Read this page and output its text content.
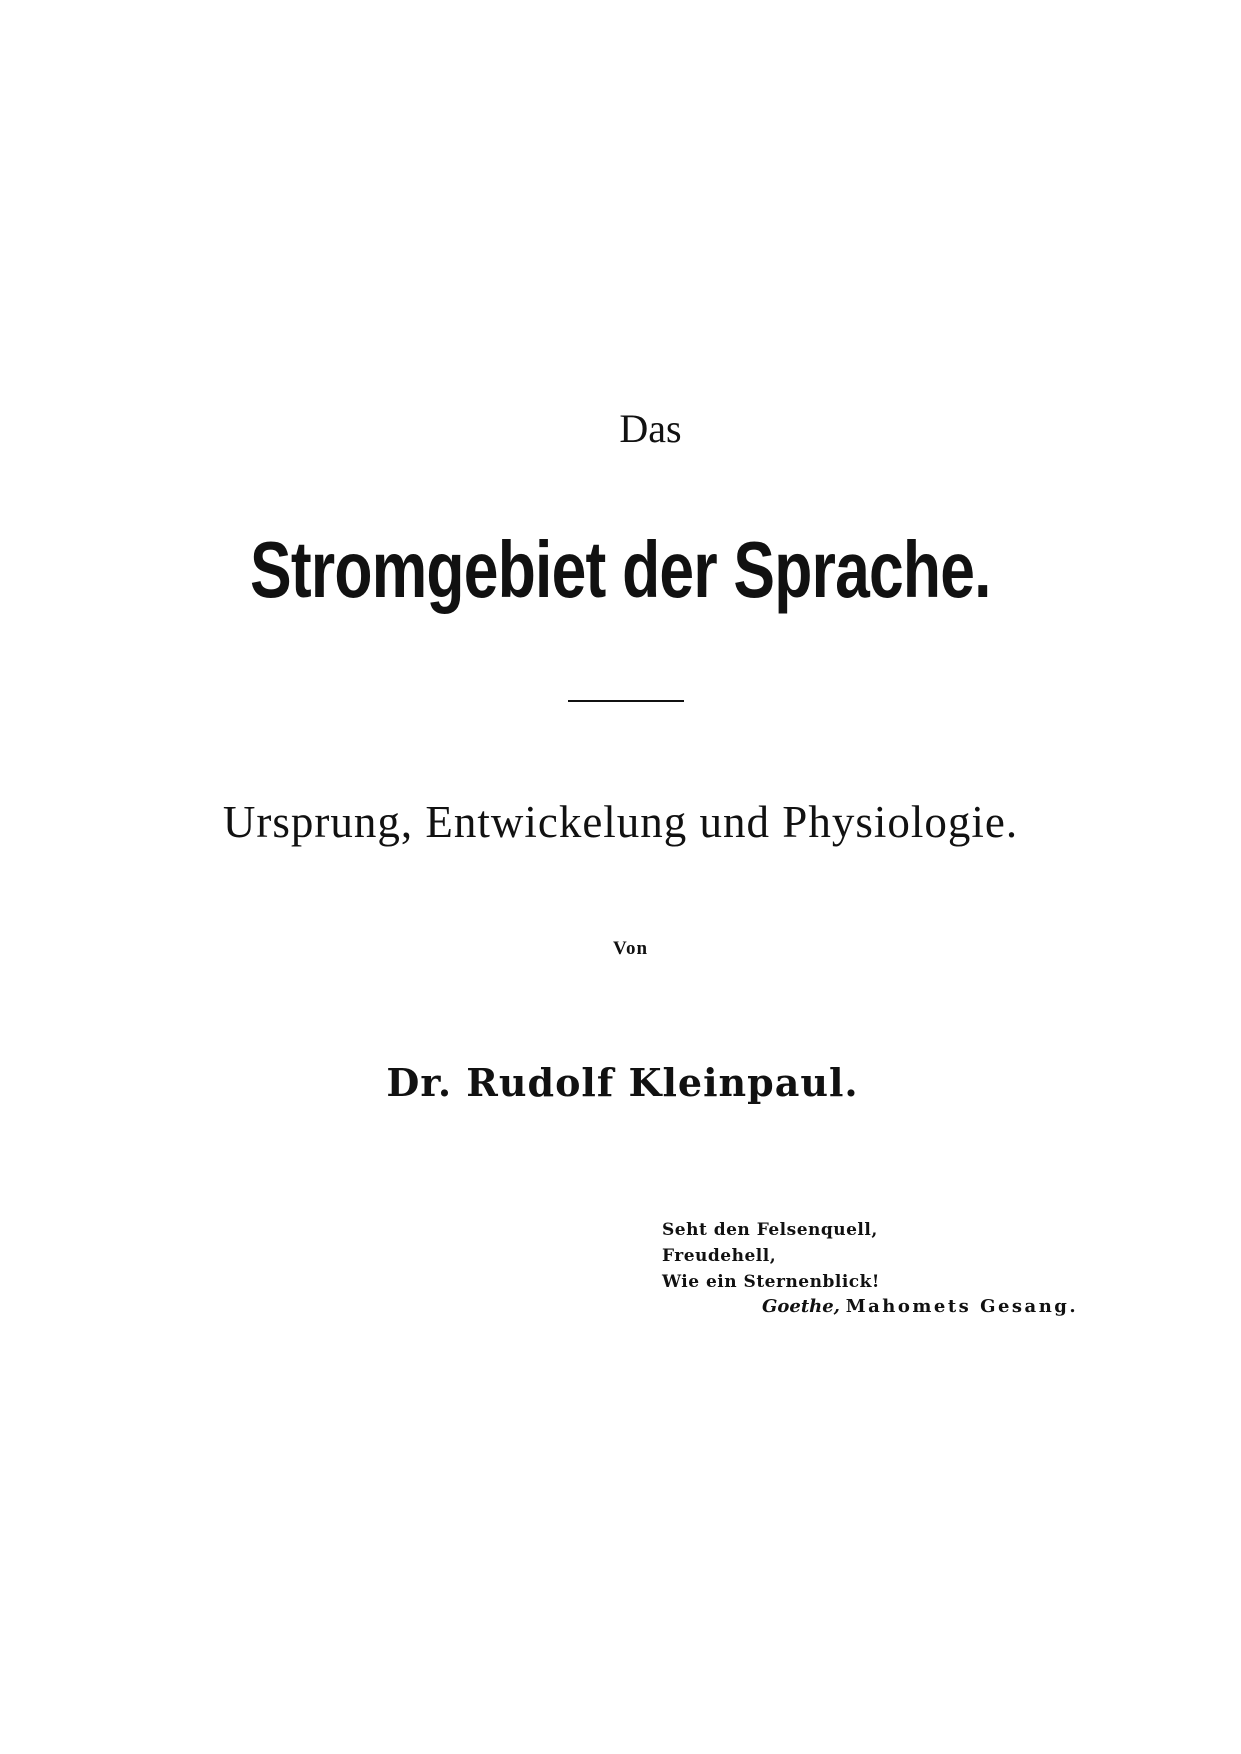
Das
Stromgebiet der Sprache.
Ursprung, Entwickelung und Physiologie.
Von
Dr. Rudolf Kleinpaul.
Seht den Felsenquell,
Freudehell,
Wie ein Sternenblick!
Goethe, Mahomets Gesang.
